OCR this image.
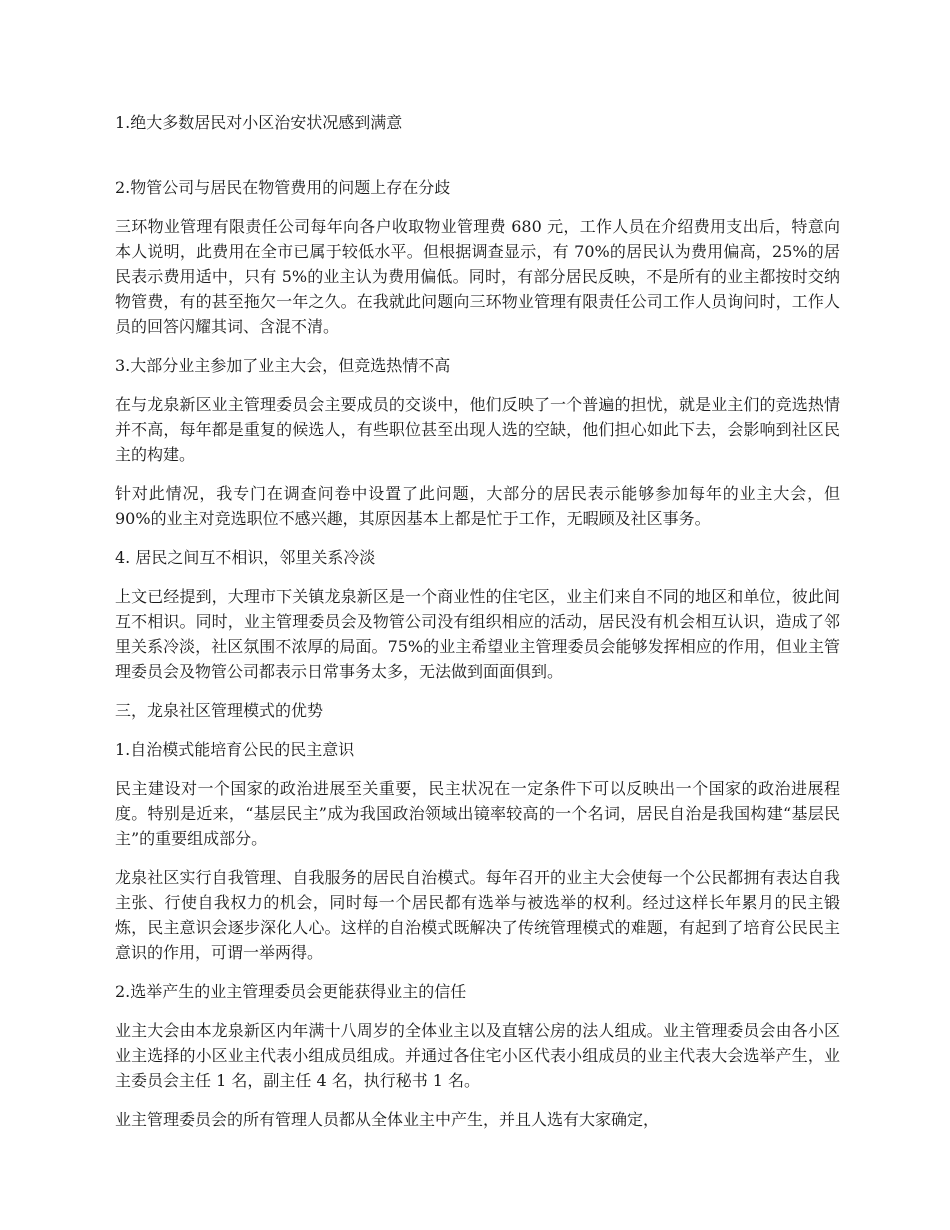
1.绝大多数居民对小区治安状况感到满意

2.物管公司与居民在物管费用的问题上存在分歧

三环物业管理有限责任公司每年向各户收取物业管理费 680 元，工作人员在介绍费用支出后，特意向本人说明，此费用在全市已属于较低水平。但根据调查显示，有 70%的居民认为费用偏高，25%的居民表示费用适中，只有 5%的业主认为费用偏低。同时，有部分居民反映，不是所有的业主都按时交纳物管费，有的甚至拖欠一年之久。在我就此问题向三环物业管理有限责任公司工作人员询问时，工作人员的回答闪耀其词、含混不清。

3.大部分业主参加了业主大会，但竞选热情不高

在与龙泉新区业主管理委员会主要成员的交谈中，他们反映了一个普遍的担忧，就是业主们的竞选热情并不高，每年都是重复的候选人，有些职位甚至出现人选的空缺，他们担心如此下去，会影响到社区民主的构建。

针对此情况，我专门在调查问卷中设置了此问题，大部分的居民表示能够参加每年的业主大会，但 90%的业主对竞选职位不感兴趣，其原因基本上都是忙于工作，无暇顾及社区事务。

4. 居民之间互不相识，邻里关系冷淡

上文已经提到，大理市下关镇龙泉新区是一个商业性的住宅区，业主们来自不同的地区和单位，彼此间互不相识。同时，业主管理委员会及物管公司没有组织相应的活动，居民没有机会相互认识，造成了邻里关系冷淡，社区氛围不浓厚的局面。75%的业主希望业主管理委员会能够发挥相应的作用，但业主管理委员会及物管公司都表示日常事务太多，无法做到面面俱到。

三，龙泉社区管理模式的优势

1.自治模式能培育公民的民主意识

民主建设对一个国家的政治进展至关重要，民主状况在一定条件下可以反映出一个国家的政治进展程度。特别是近来，“基层民主”成为我国政治领域出镜率较高的一个名词，居民自治是我国构建“基层民主”的重要组成部分。

龙泉社区实行自我管理、自我服务的居民自治模式。每年召开的业主大会使每一个公民都拥有表达自我主张、行使自我权力的机会，同时每一个居民都有选举与被选举的权利。经过这样长年累月的民主锻炼，民主意识会逐步深化人心。这样的自治模式既解决了传统管理模式的难题，有起到了培育公民民主意识的作用，可谓一举两得。

2.选举产生的业主管理委员会更能获得业主的信任

业主大会由本龙泉新区内年满十八周岁的全体业主以及直辖公房的法人组成。业主管理委员会由各小区业主选择的小区业主代表小组成员组成。并通过各住宅小区代表小组成员的业主代表大会选举产生，业主委员会主任 1 名，副主任 4 名，执行秘书 1 名。

业主管理委员会的所有管理人员都从全体业主中产生，并且人选有大家确定，
